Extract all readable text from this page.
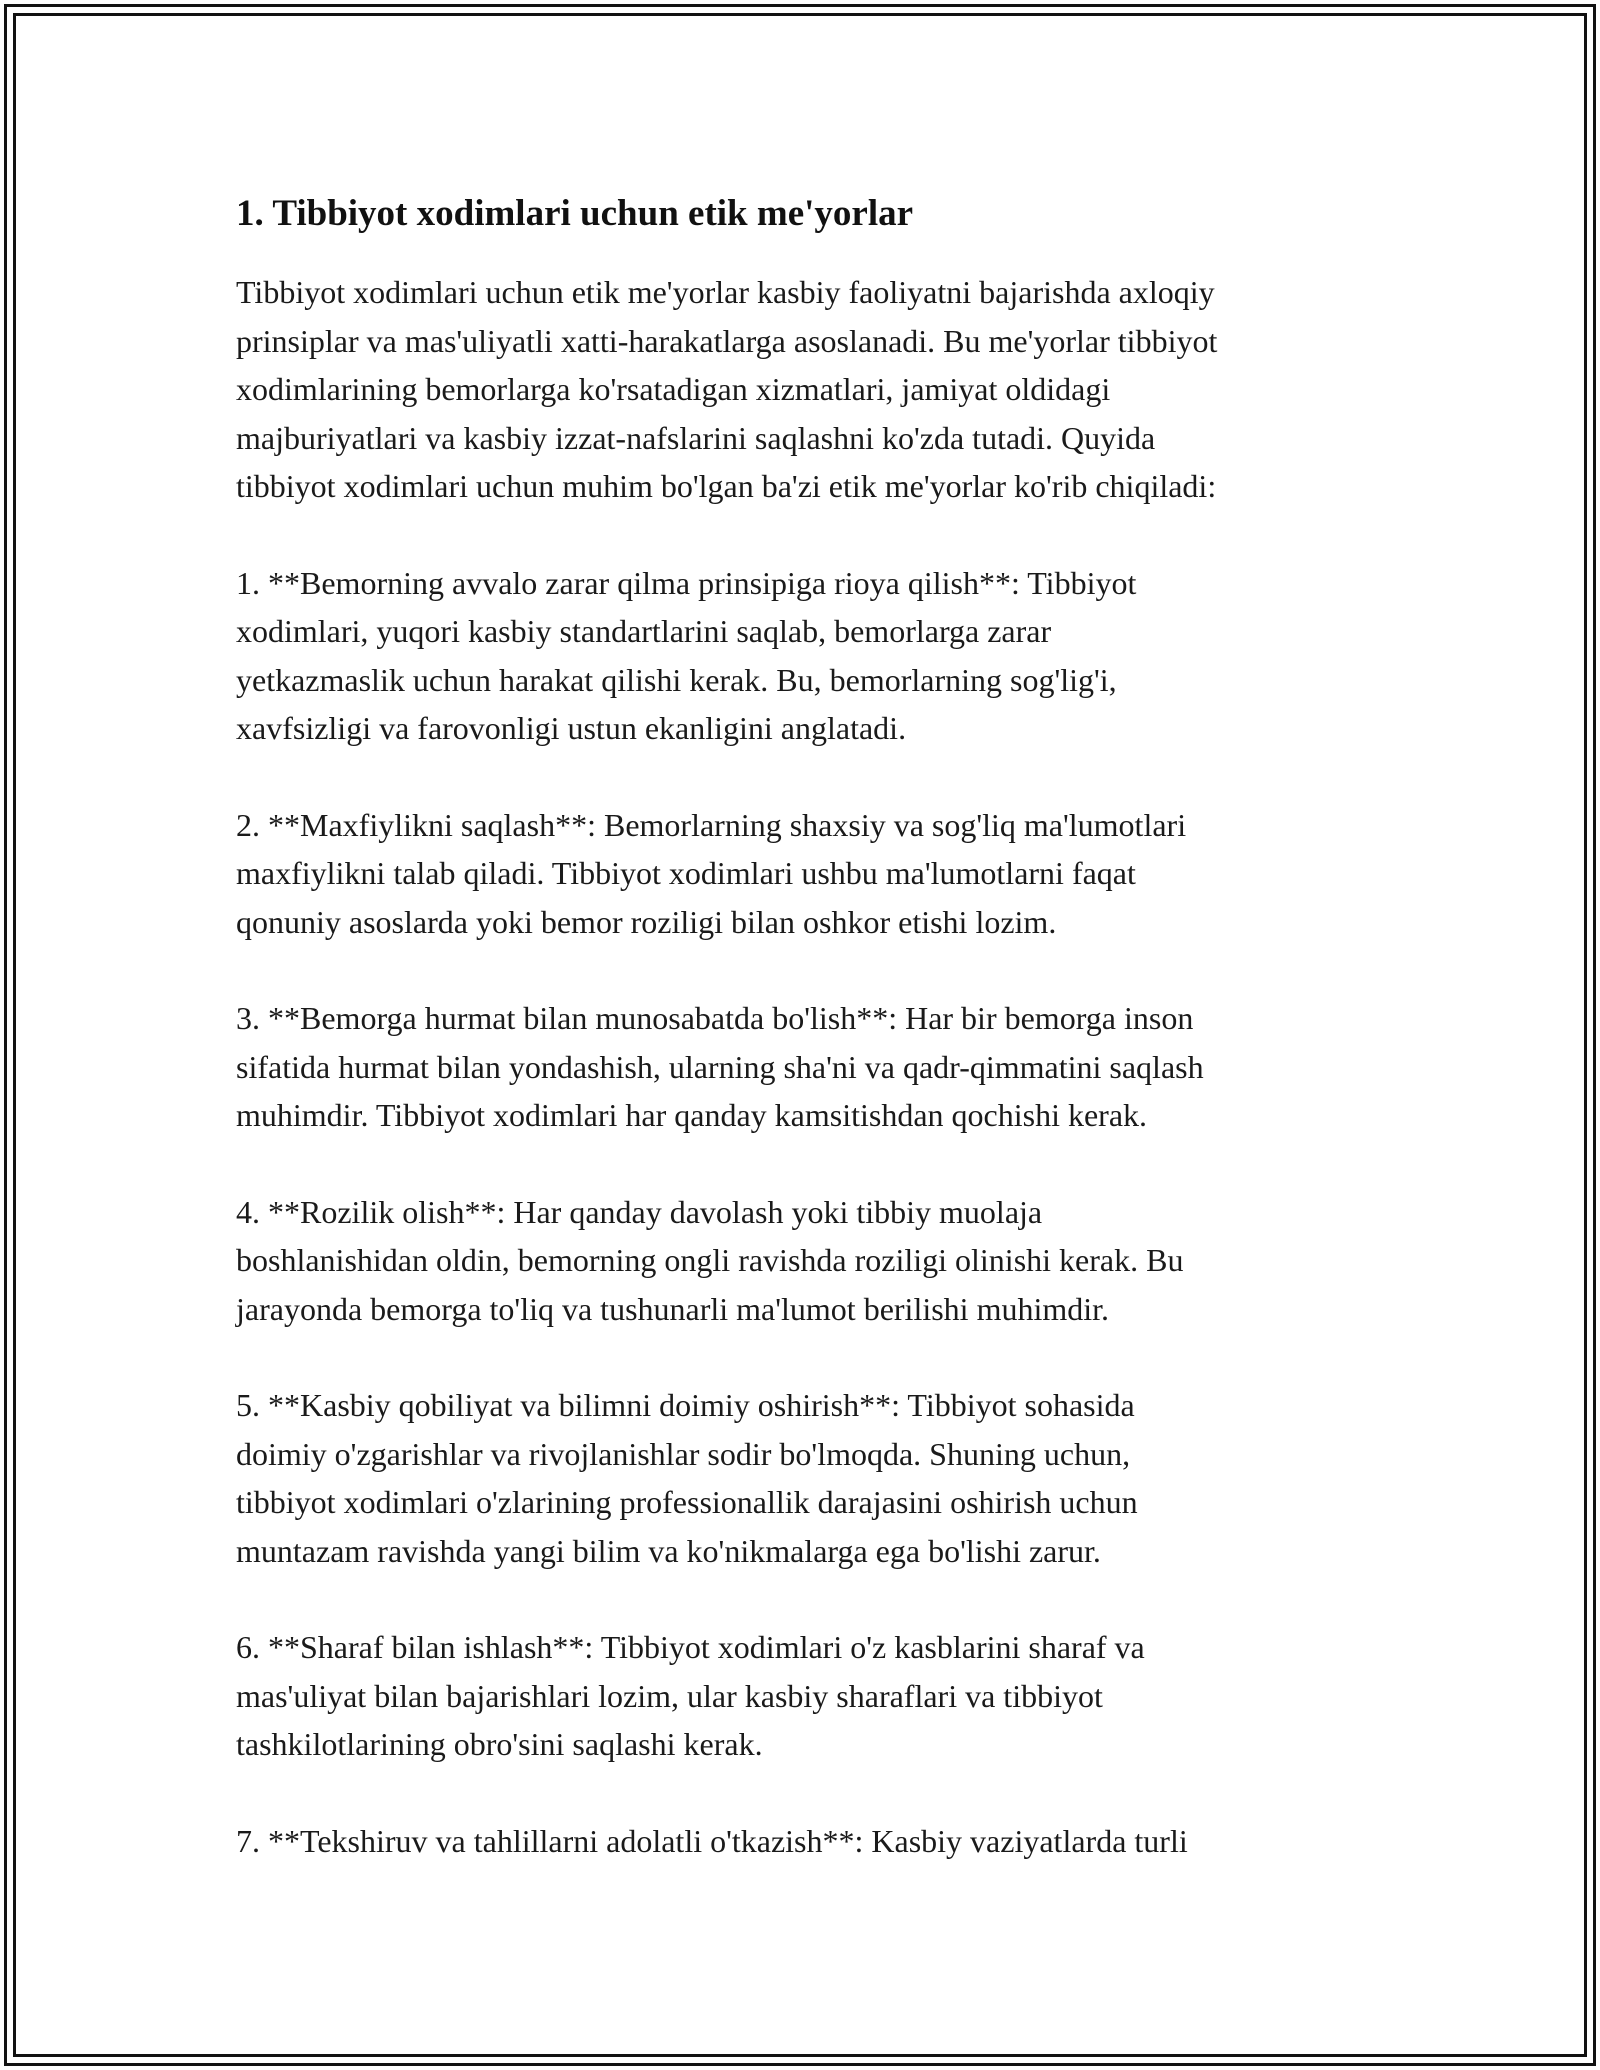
1. Tibbiyot xodimlari uchun etik me'yorlar

Tibbiyot xodimlari uchun etik me'yorlar kasbiy faoliyatni bajarishda axloqiy
prinsiplar va mas'uliyatli xatti-harakatlarga asoslanadi. Bu me'yorlar tibbiyot
xodimlarining bemorlarga ko'rsatadigan xizmatlari, jamiyat oldidagi
majburiyatlari va kasbiy izzat-nafslarini saqlashni ko'zda tutadi. Quyida
tibbiyot xodimlari uchun muhim bo'lgan ba'zi etik me'yorlar ko'rib chiqiladi:

1. **Bemorning avvalo zarar qilma prinsipiga rioya qilish**: Tibbiyot
xodimlari, yuqori kasbiy standartlarini saqlab, bemorlarga zarar
yetkazmaslik uchun harakat qilishi kerak. Bu, bemorlarning sog'lig'i,
xavfsizligi va farovonligi ustun ekanligini anglatadi.

2. **Maxfiylikni saqlash**: Bemorlarning shaxsiy va sog'liq ma'lumotlari
maxfiylikni talab qiladi. Tibbiyot xodimlari ushbu ma'lumotlarni faqat
qonuniy asoslarda yoki bemor roziligi bilan oshkor etishi lozim.

3. **Bemorga hurmat bilan munosabatda bo'lish**: Har bir bemorga inson
sifatida hurmat bilan yondashish, ularning sha'ni va qadr-qimmatini saqlash
muhimdir. Tibbiyot xodimlari har qanday kamsitishdan qochishi kerak.

4. **Rozilik olish**: Har qanday davolash yoki tibbiy muolaja
boshlanishidan oldin, bemorning ongli ravishda roziligi olinishi kerak. Bu
jarayonda bemorga to'liq va tushunarli ma'lumot berilishi muhimdir.

5. **Kasbiy qobiliyat va bilimni doimiy oshirish**: Tibbiyot sohasida
doimiy o'zgarishlar va rivojlanishlar sodir bo'lmoqda. Shuning uchun,
tibbiyot xodimlari o'zlarining professionallik darajasini oshirish uchun
muntazam ravishda yangi bilim va ko'nikmalarga ega bo'lishi zarur.

6. **Sharaf bilan ishlash**: Tibbiyot xodimlari o'z kasblarini sharaf va
mas'uliyat bilan bajarishlari lozim, ular kasbiy sharaflari va tibbiyot
tashkilotlarining obro'sini saqlashi kerak.

7. **Tekshiruv va tahlillarni adolatli o'tkazish**: Kasbiy vaziyatlarda turli
